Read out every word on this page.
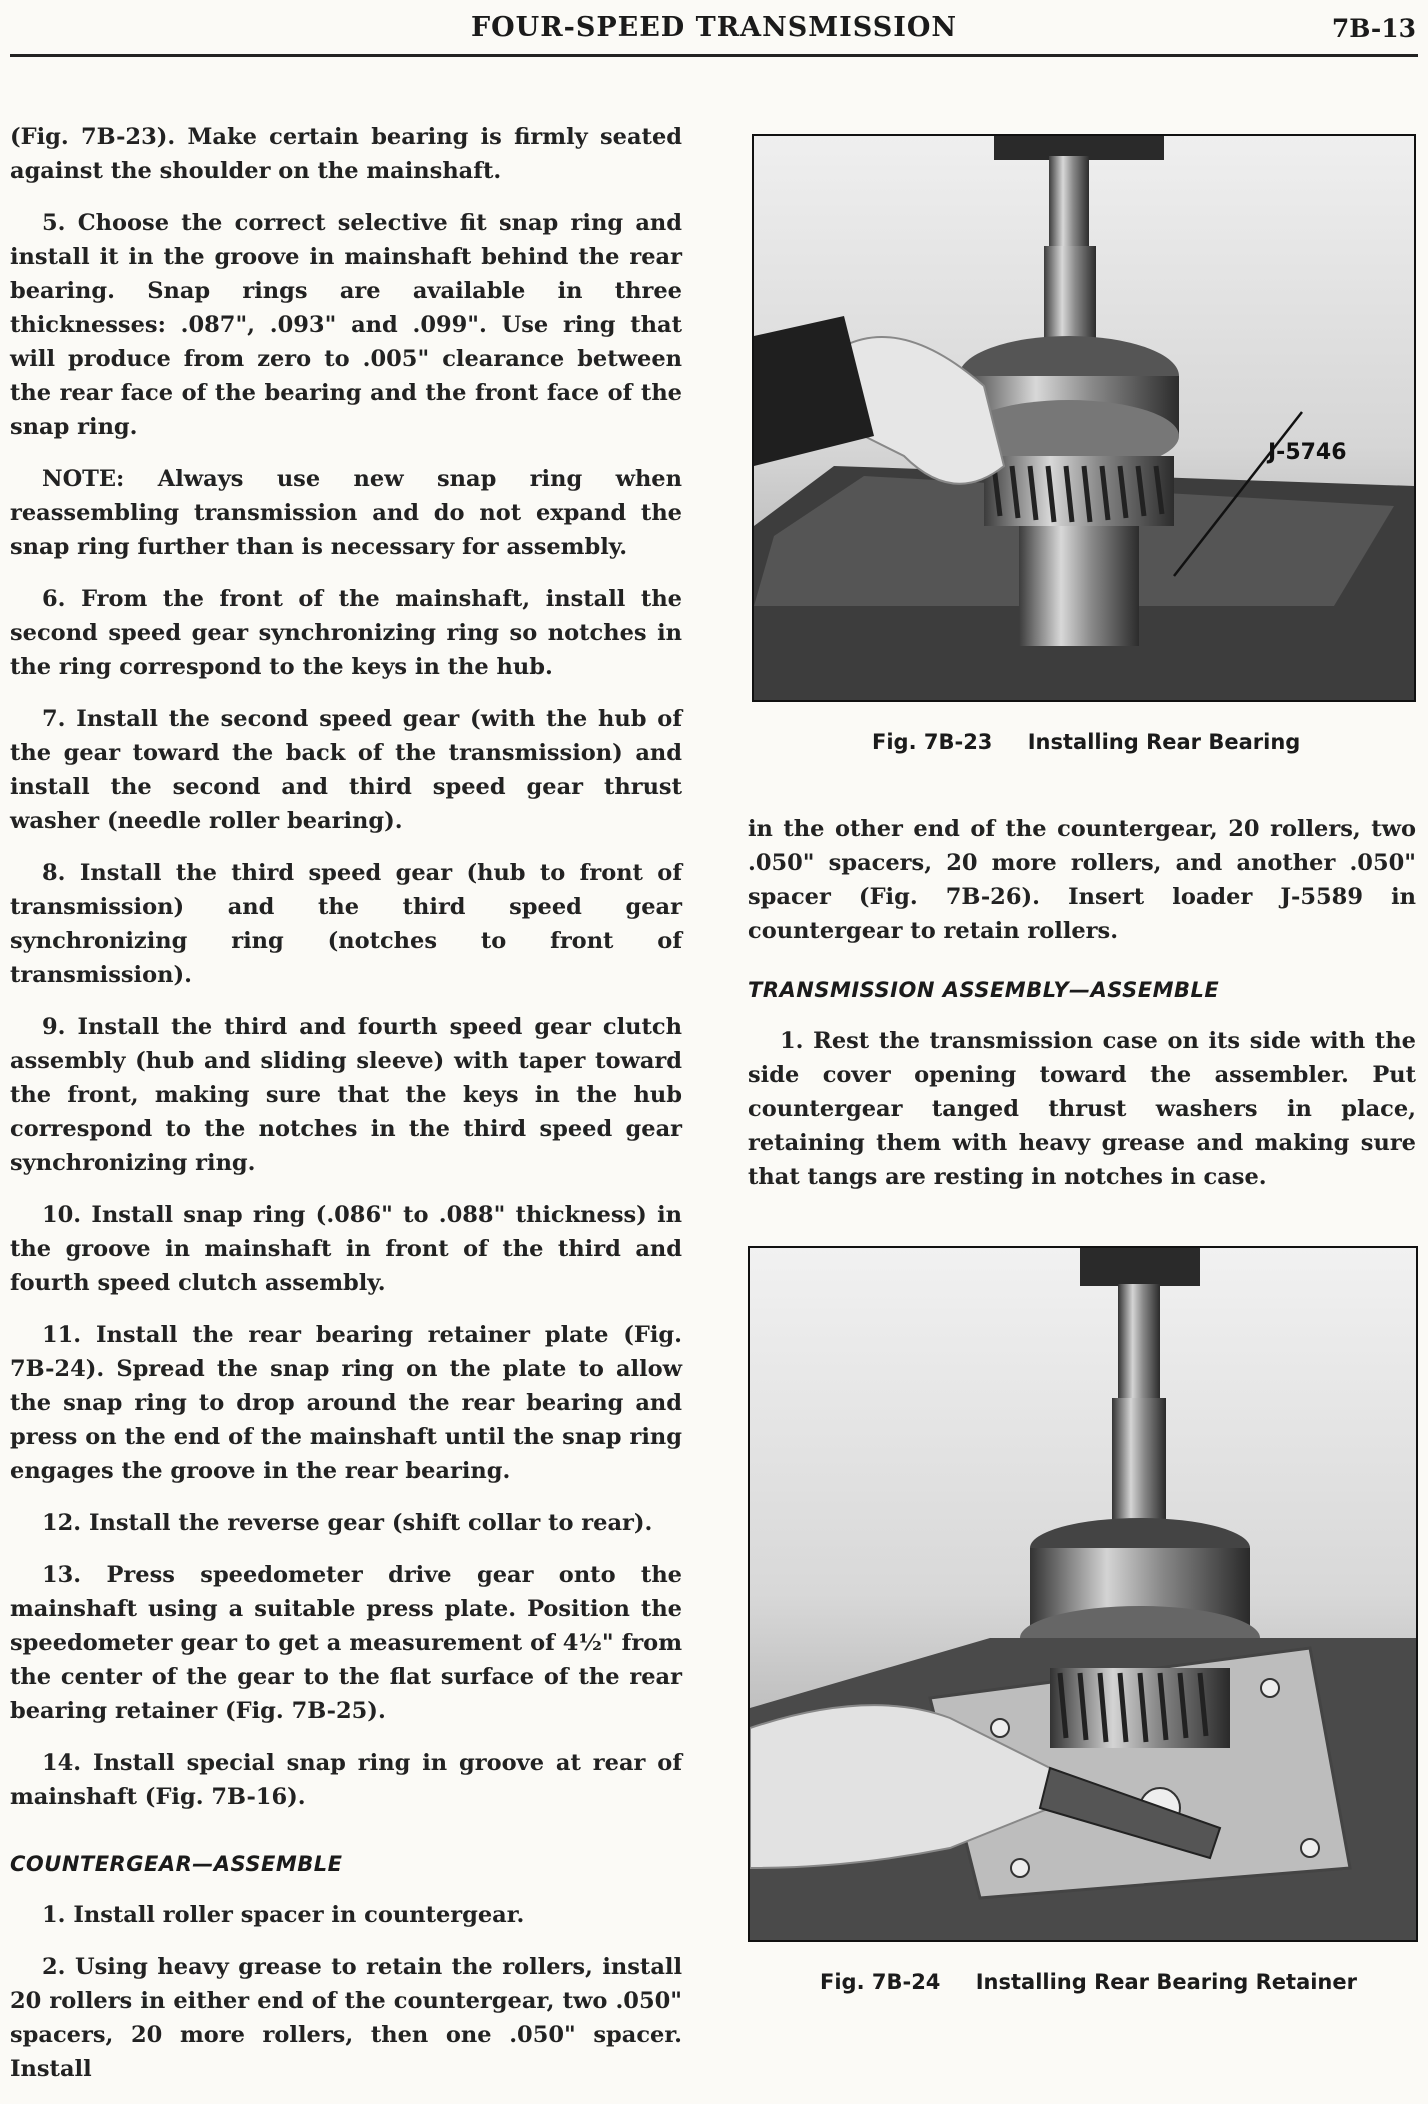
FOUR-SPEED TRANSMISSION	7B-13

(Fig. 7B-23). Make certain bearing is firmly seated against the shoulder on the mainshaft.

5. Choose the correct selective fit snap ring and install it in the groove in mainshaft behind the rear bearing. Snap rings are available in three thicknesses: .087", .093" and .099". Use ring that will produce from zero to .005" clearance between the rear face of the bearing and the front face of the snap ring.

NOTE: Always use new snap ring when reassembling transmission and do not expand the snap ring further than is necessary for assembly.

6. From the front of the mainshaft, install the second speed gear synchronizing ring so notches in the ring correspond to the keys in the hub.

7. Install the second speed gear (with the hub of the gear toward the back of the transmission) and install the second and third speed gear thrust washer (needle roller bearing).

8. Install the third speed gear (hub to front of transmission) and the third speed gear synchronizing ring (notches to front of transmission).

9. Install the third and fourth speed gear clutch assembly (hub and sliding sleeve) with taper toward the front, making sure that the keys in the hub correspond to the notches in the third speed gear synchronizing ring.

10. Install snap ring (.086" to .088" thickness) in the groove in mainshaft in front of the third and fourth speed clutch assembly.

11. Install the rear bearing retainer plate (Fig. 7B-24). Spread the snap ring on the plate to allow the snap ring to drop around the rear bearing and press on the end of the mainshaft until the snap ring engages the groove in the rear bearing.

12. Install the reverse gear (shift collar to rear).

13. Press speedometer drive gear onto the mainshaft using a suitable press plate. Position the speedometer gear to get a measurement of 4½" from the center of the gear to the flat surface of the rear bearing retainer (Fig. 7B-25).

14. Install special snap ring in groove at rear of mainshaft (Fig. 7B-16).

COUNTERGEAR—ASSEMBLE

1. Install roller spacer in countergear.

2. Using heavy grease to retain the rollers, install 20 rollers in either end of the countergear, two .050" spacers, 20 more rollers, then one .050" spacer. Install

J-5746
Fig. 7B-23 Installing Rear Bearing

in the other end of the countergear, 20 rollers, two .050" spacers, 20 more rollers, and another .050" spacer (Fig. 7B-26). Insert loader J-5589 in countergear to retain rollers.

TRANSMISSION ASSEMBLY—ASSEMBLE

1. Rest the transmission case on its side with the side cover opening toward the assembler. Put countergear tanged thrust washers in place, retaining them with heavy grease and making sure that tangs are resting in notches in case.

Fig. 7B-24 Installing Rear Bearing Retainer
